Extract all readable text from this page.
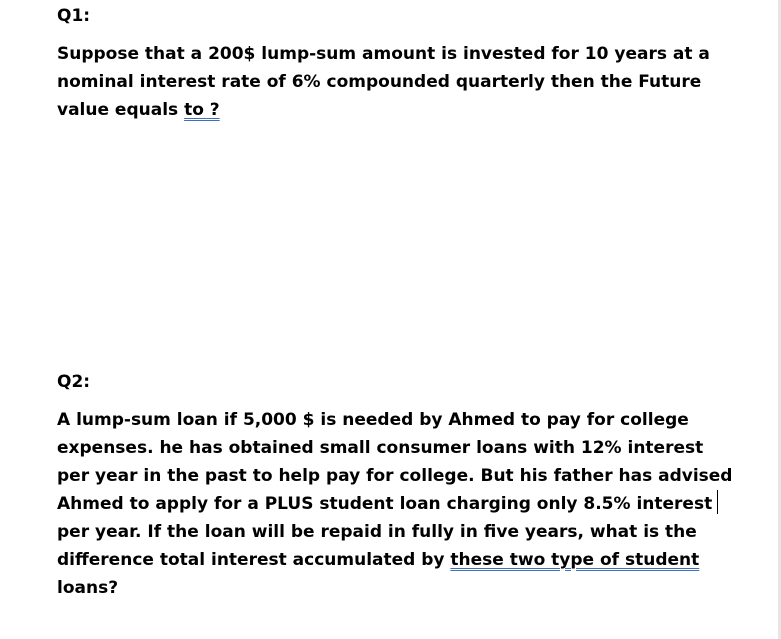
Q1:
Suppose that a 200$ lump-sum amount is invested for 10 years at a
nominal interest rate of 6% compounded quarterly then the Future
value equals to ?
Q2:
A lump-sum loan if 5,000 $ is needed by Ahmed to pay for college
expenses. he has obtained small consumer loans with 12% interest
per year in the past to help pay for college. But his father has advised
Ahmed to apply for a PLUS student loan charging only 8.5% interest
per year. If the loan will be repaid in fully in five years, what is the
difference total interest accumulated by these two type of student
loans?
